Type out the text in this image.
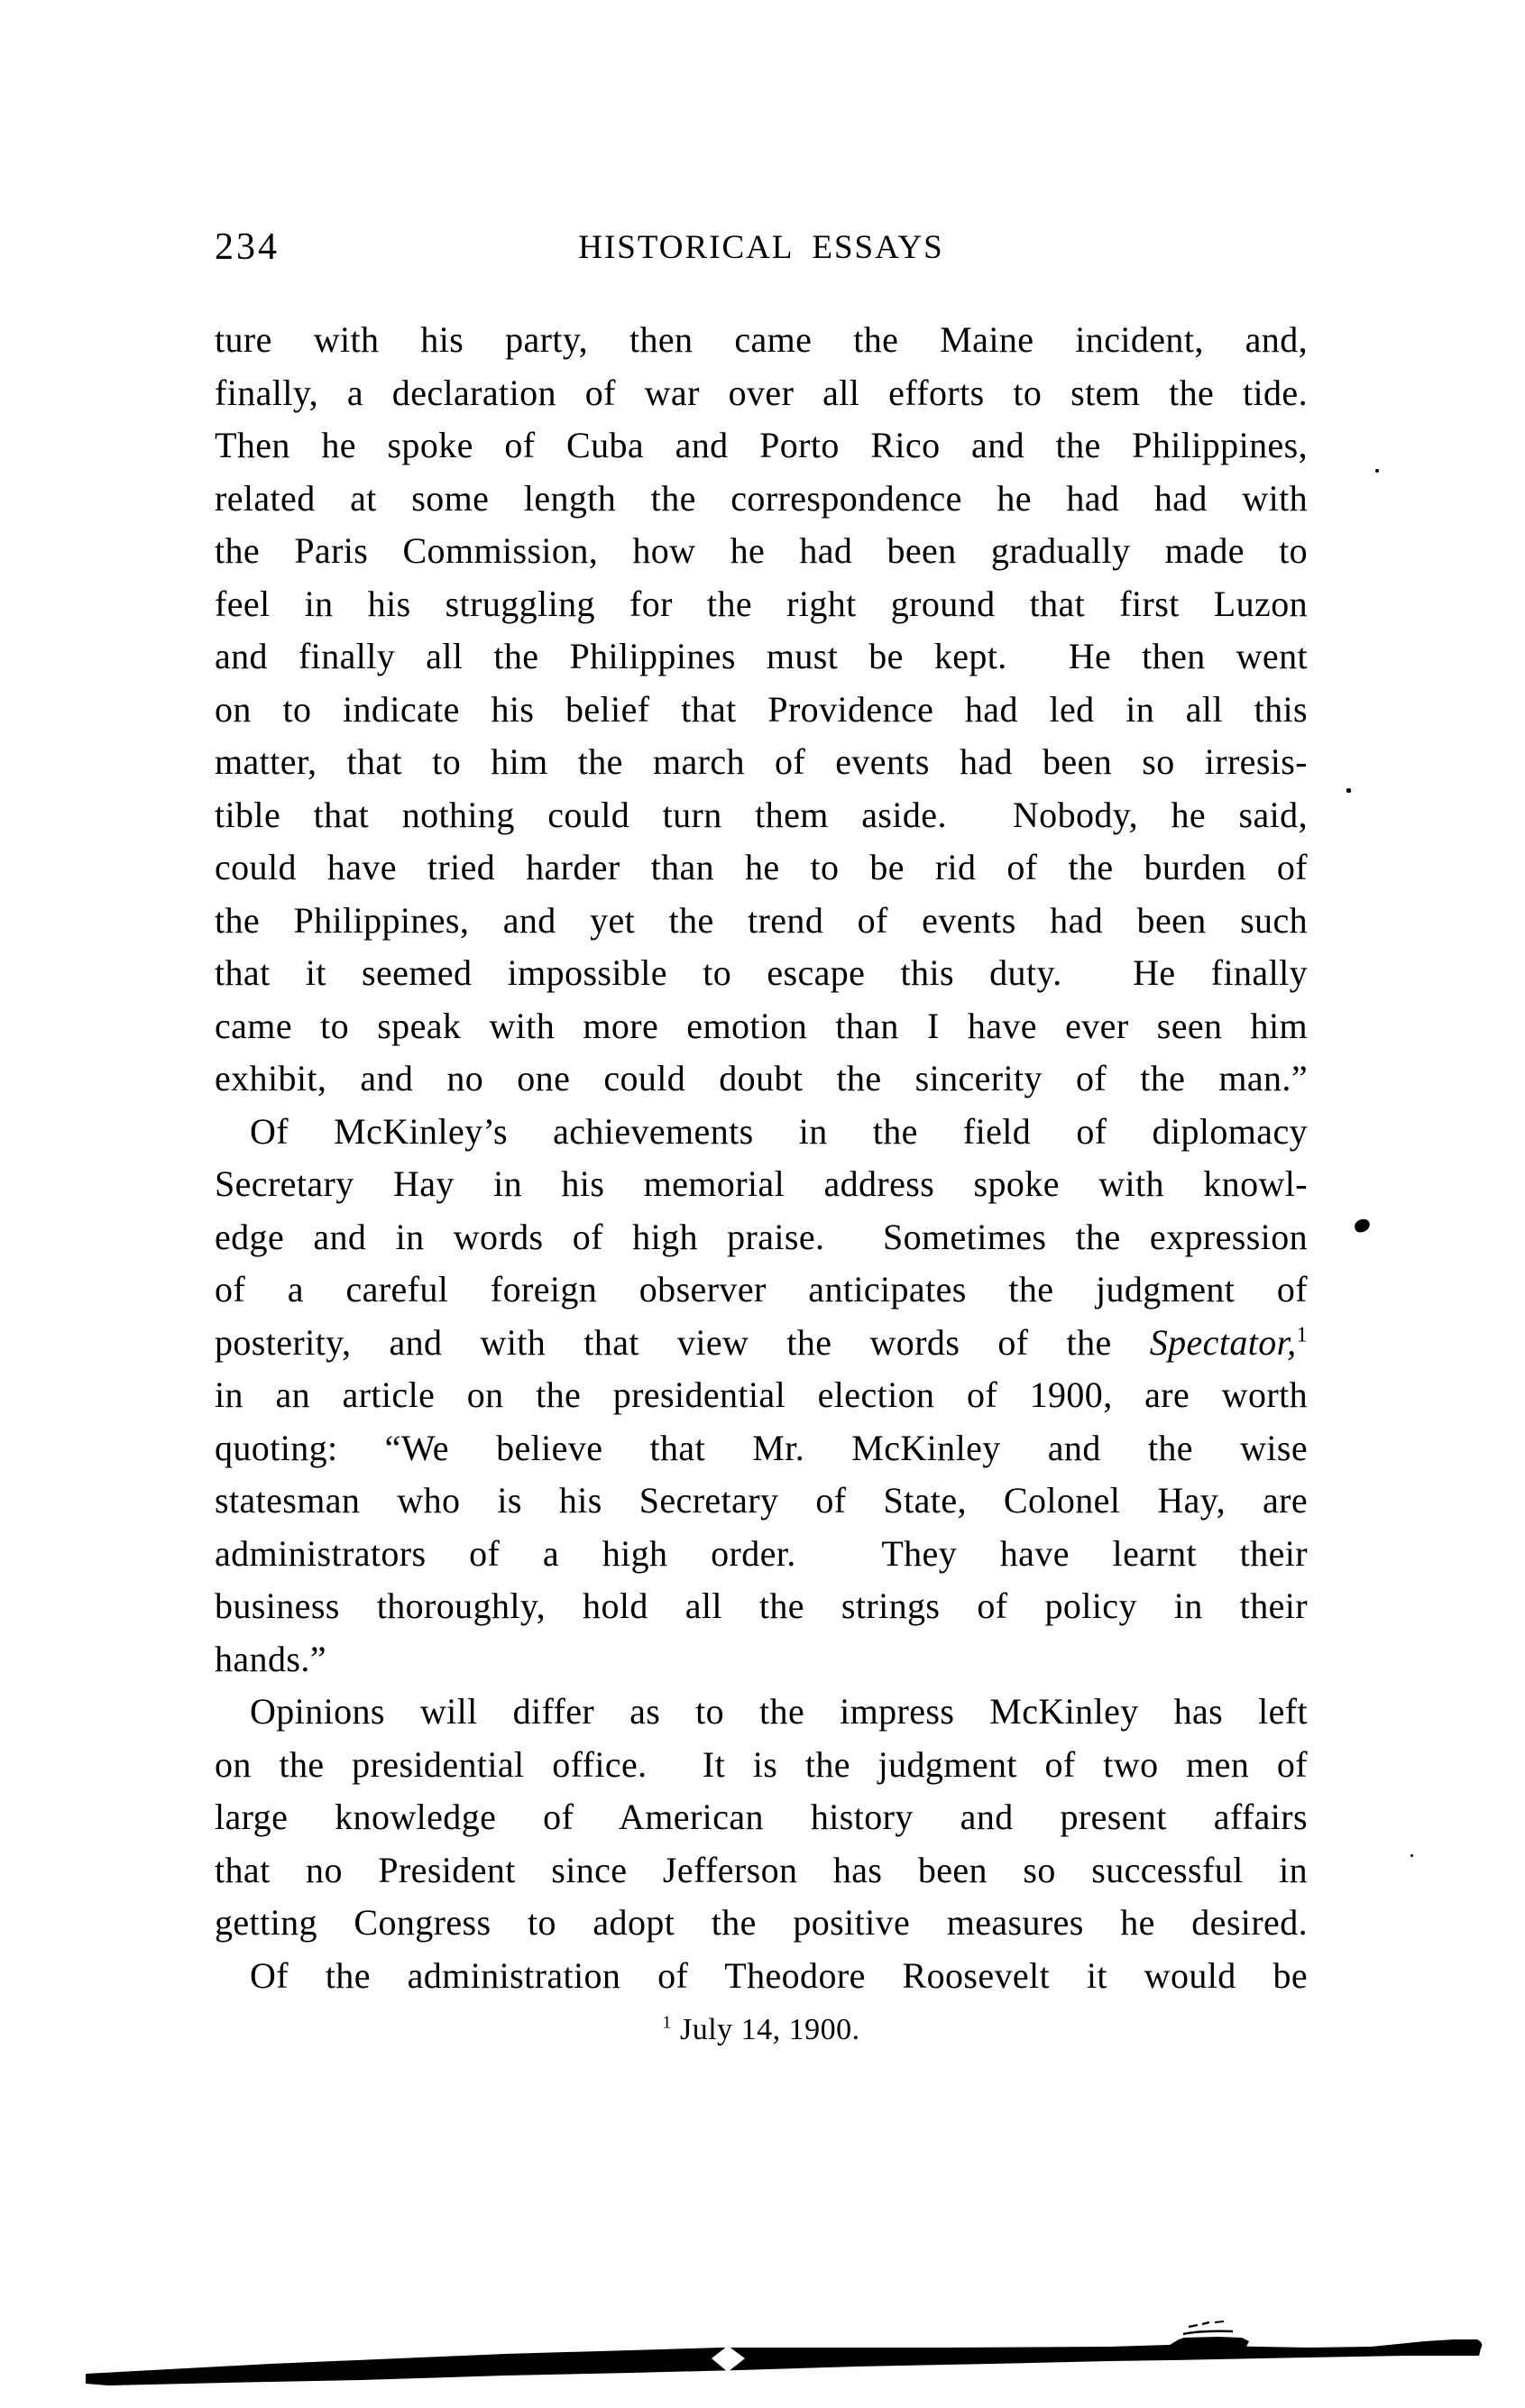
234	HISTORICAL ESSAYS
ture with his party, then came the Maine incident, and,
finally, a declaration of war over all efforts to stem the tide.
Then he spoke of Cuba and Porto Rico and the Philippines,
related at some length the correspondence he had had with
the Paris Commission, how he had been gradually made to
feel in his struggling for the right ground that first Luzon
and finally all the Philippines must be kept.  He then went
on to indicate his belief that Providence had led in all this
matter, that to him the march of events had been so irresis-
tible that nothing could turn them aside.  Nobody, he said,
could have tried harder than he to be rid of the burden of
the Philippines, and yet the trend of events had been such
that it seemed impossible to escape this duty.  He finally
came to speak with more emotion than I have ever seen him
exhibit, and no one could doubt the sincerity of the man.”
Of McKinley’s achievements in the field of diplomacy
Secretary Hay in his memorial address spoke with knowl-
edge and in words of high praise.  Sometimes the expression
of a careful foreign observer anticipates the judgment of
posterity, and with that view the words of the Spectator,$^1$
in an article on the presidential election of 1900, are worth
quoting: “We believe that Mr. McKinley and the wise
statesman who is his Secretary of State, Colonel Hay, are
administrators of a high order.  They have learnt their
business thoroughly, hold all the strings of policy in their
hands.”
Opinions will differ as to the impress McKinley has left
on the presidential office.  It is the judgment of two men of
large knowledge of American history and present affairs
that no President since Jefferson has been so successful in
getting Congress to adopt the positive measures he desired.
Of the administration of Theodore Roosevelt it would be
$^1$ July 14, 1900.
